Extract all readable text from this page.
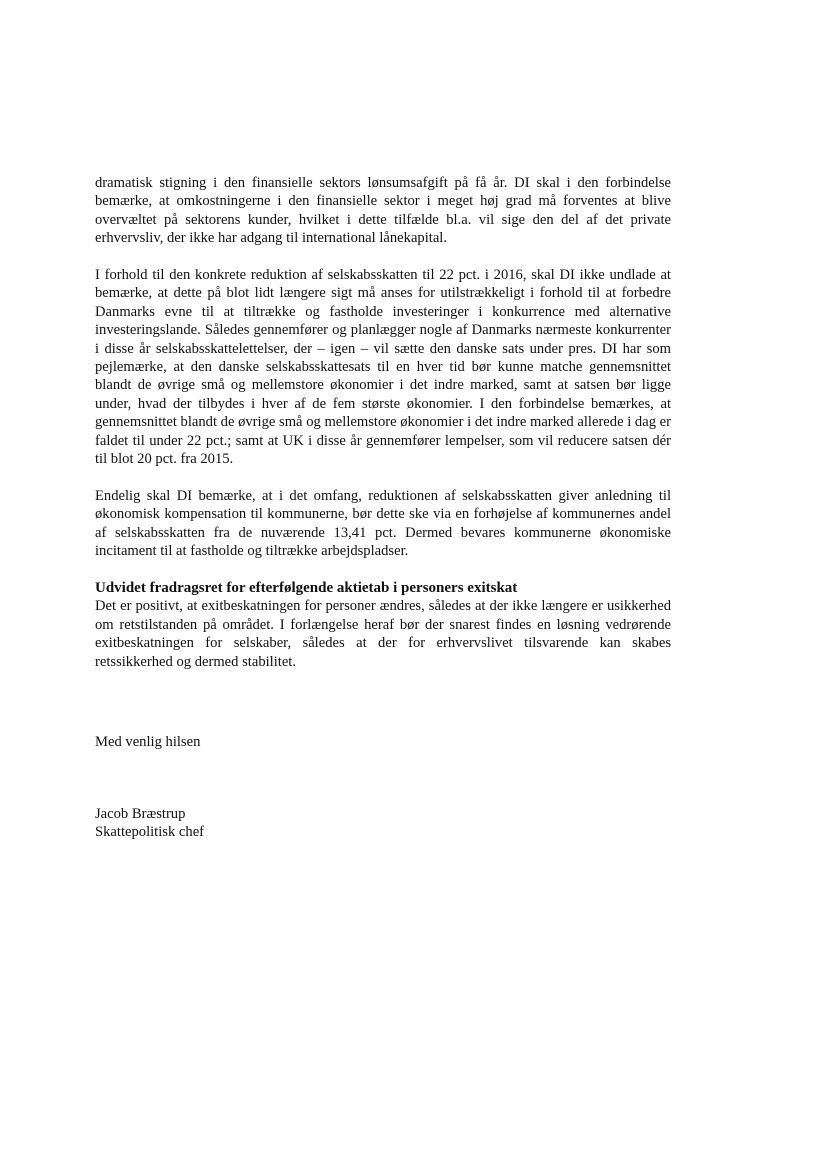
dramatisk stigning i den finansielle sektors lønsumsafgift på få år. DI skal i den forbindelse bemærke, at omkostningerne i den finansielle sektor i meget høj grad må forventes at blive overvæltet på sektorens kunder, hvilket i dette tilfælde bl.a. vil sige den del af det private erhvervsliv, der ikke har adgang til international lånekapital.

I forhold til den konkrete reduktion af selskabsskatten til 22 pct. i 2016, skal DI ikke undlade at bemærke, at dette på blot lidt længere sigt må anses for utilstrækkeligt i forhold til at forbedre Danmarks evne til at tiltrække og fastholde investeringer i konkurrence med alternative investeringslande. Således gennemfører og planlægger nogle af Danmarks nærmeste konkurrenter i disse år selskabsskattelettelser, der – igen – vil sætte den danske sats under pres. DI har som pejlemærke, at den danske selskabsskattesats til en hver tid bør kunne matche gennemsnittet blandt de øvrige små og mellemstore økonomier i det indre marked, samt at satsen bør ligge under, hvad der tilbydes i hver af de fem største økonomier. I den forbindelse bemærkes, at gennemsnittet blandt de øvrige små og mellemstore økonomier i det indre marked allerede i dag er faldet til under 22 pct.; samt at UK i disse år gennemfører lempelser, som vil reducere satsen dér til blot 20 pct. fra 2015.

Endelig skal DI bemærke, at i det omfang, reduktionen af selskabsskatten giver anledning til økonomisk kompensation til kommunerne, bør dette ske via en forhøjelse af kommunernes andel af selskabsskatten fra de nuværende 13,41 pct. Dermed bevares kommunerne økonomiske incitament til at fastholde og tiltrække arbejdspladser.

Udvidet fradragsret for efterfølgende aktietab i personers exitskat

Det er positivt, at exitbeskatningen for personer ændres, således at der ikke længere er usikkerhed om retstilstanden på området. I forlængelse heraf bør der snarest findes en løsning vedrørende exitbeskatningen for selskaber, således at der for erhvervslivet tilsvarende kan skabes retssikkerhed og dermed stabilitet.

Med venlig hilsen
Jacob Bræstrup
Skattepolitisk chef
